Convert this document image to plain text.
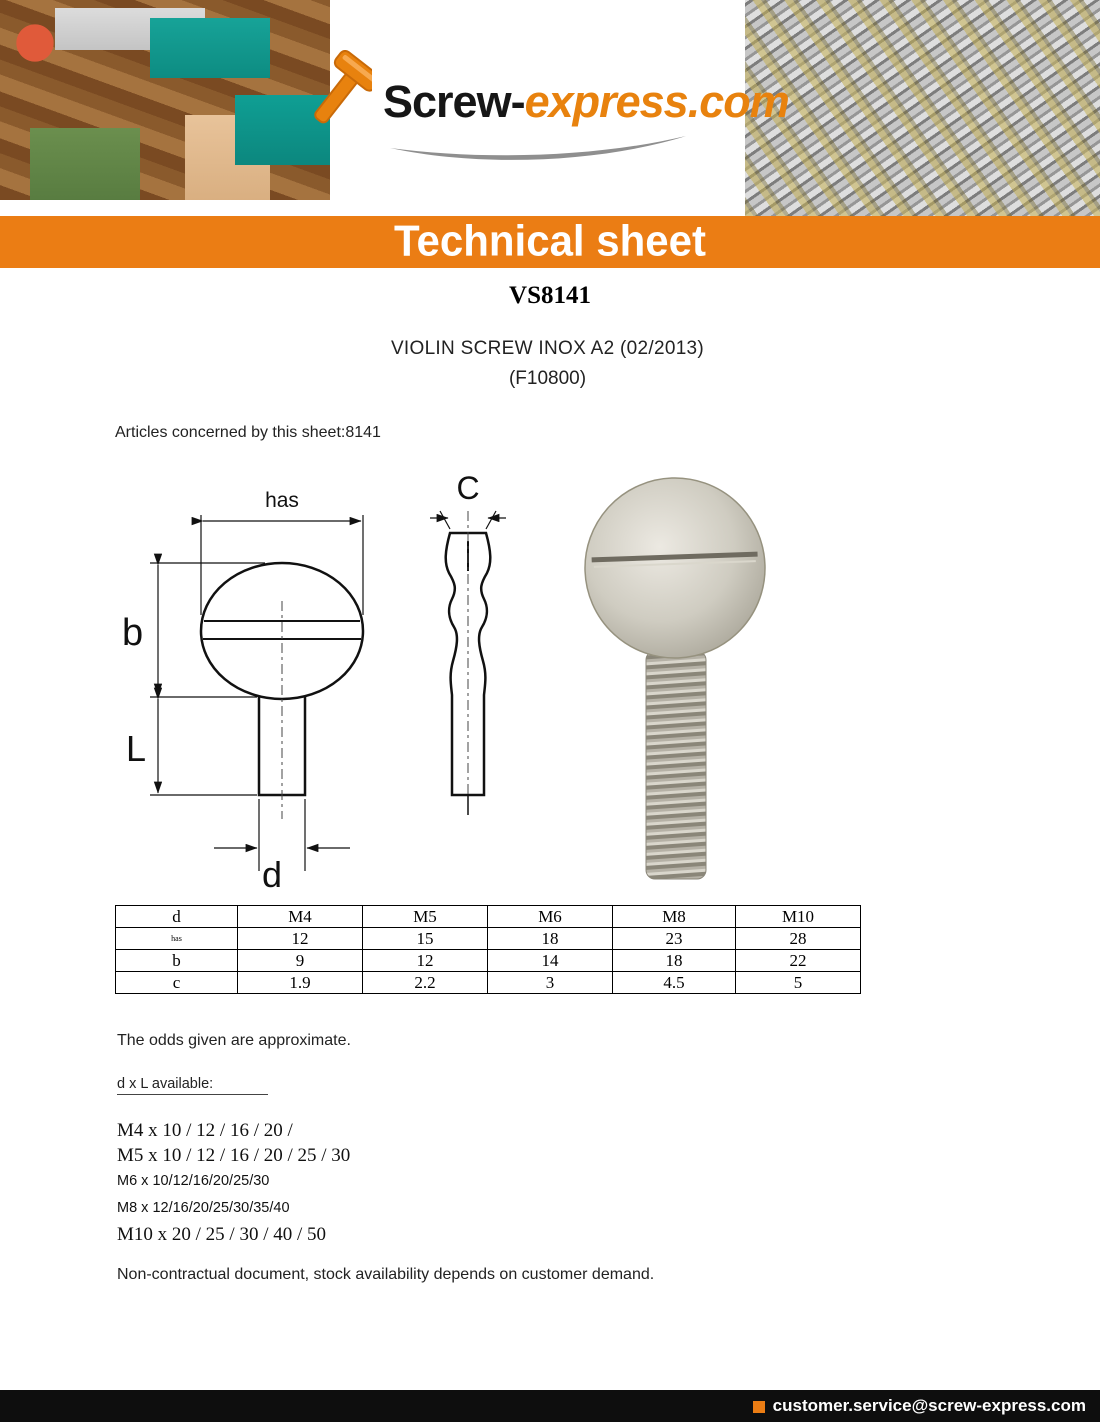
Screw-express.com
Technical sheet
VS8141
VIOLIN SCREW INOX A2 (02/2013)
(F10800)
Articles concerned by this sheet:8141
has
b
L
d
C
d	M4	M5	M6	M8	M10
has	12	15	18	23	28
b	9	12	14	18	22
c	1.9	2.2	3	4.5	5
The odds given are approximate.
d x L available:
M4 x 10 / 12 / 16 / 20 /
M5 x 10 / 12 / 16 / 20 / 25 / 30
M6 x 10/12/16/20/25/30
M8 x 12/16/20/25/30/35/40
M10 x 20 / 25 / 30 / 40 / 50
Non-contractual document, stock availability depends on customer demand.
customer.service@screw-express.com
